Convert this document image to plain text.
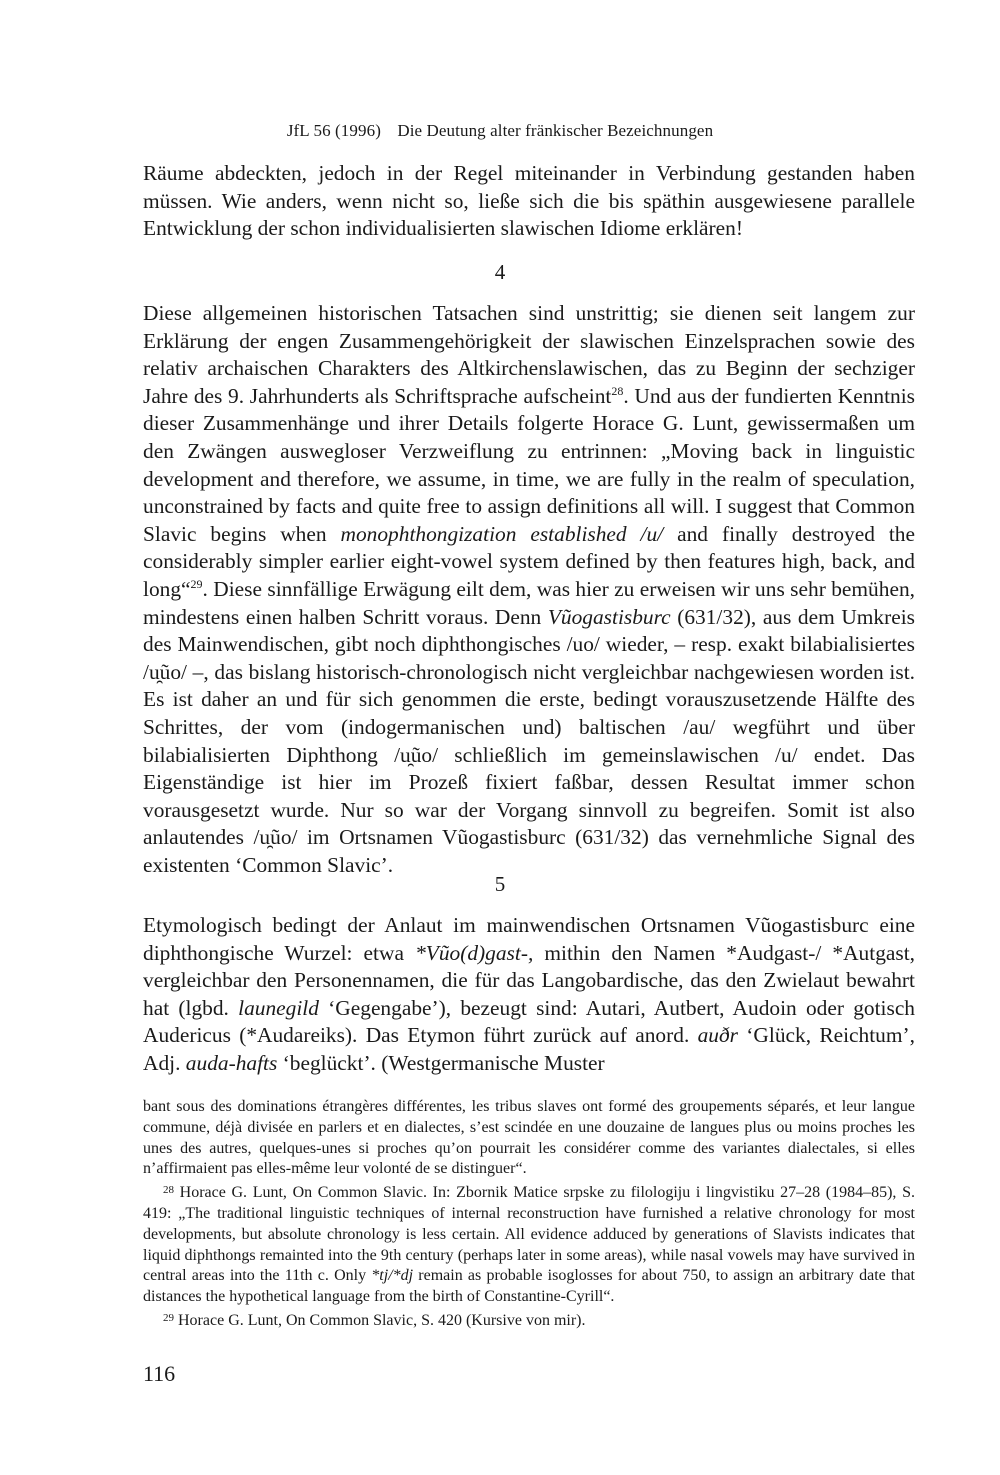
JfL 56 (1996) Die Deutung alter fränkischer Bezeichnungen

Räume abdeckten, jedoch in der Regel miteinander in Verbindung gestanden haben müssen. Wie anders, wenn nicht so, ließe sich die bis späthin ausgewiesene parallele Entwicklung der schon individualisierten slawischen Idiome erklären!

4

Diese allgemeinen historischen Tatsachen sind unstrittig; sie dienen seit langem zur Erklärung der engen Zusammengehörigkeit der slawischen Einzelsprachen sowie des relativ archaischen Charakters des Altkirchenslawischen, das zu Beginn der sechziger Jahre des 9. Jahrhunderts als Schriftsprache aufscheint$^{28}$. Und aus der fundierten Kenntnis dieser Zusammenhänge und ihrer Details folgerte Horace G. Lunt, gewissermaßen um den Zwängen auswegloser Verzweiflung zu entrinnen: „Moving back in linguistic development and therefore, we assume, in time, we are fully in the realm of speculation, unconstrained by facts and quite free to assign definitions all will. I suggest that Common Slavic begins when monophthongization established /u/ and finally destroyed the considerably simpler earlier eight-vowel system defined by then features high, back, and long“$^{29}$. Diese sinnfällige Erwägung eilt dem, was hier zu erweisen wir uns sehr bemühen, mindestens einen halben Schritt voraus. Denn Vũogastisburc (631/32), aus dem Umkreis des Mainwendischen, gibt noch diphthongisches /uo/ wieder, – resp. exakt bilabialisiertes /u̯ũo/ –, das bislang historisch-chronologisch nicht vergleichbar nachgewiesen worden ist. Es ist daher an und für sich genommen die erste, bedingt vorauszusetzende Hälfte des Schrittes, der vom (indogermanischen und) baltischen /au/ wegführt und über bilabialisierten Diphthong /u̯ũo/ schließlich im gemeinslawischen /u/ endet. Das Eigenständige ist hier im Prozeß fixiert faßbar, dessen Resultat immer schon vorausgesetzt wurde. Nur so war der Vorgang sinnvoll zu begreifen. Somit ist also anlautendes /u̯ũo/ im Ortsnamen Vũogastisburc (631/32) das vernehmliche Signal des existenten ‘Common Slavic’.

5

Etymologisch bedingt der Anlaut im mainwendischen Ortsnamen Vũogastisburc eine diphthongische Wurzel: etwa *Vũo(d)gast-, mithin den Namen *Audgast-/ *Autgast, vergleichbar den Personennamen, die für das Langobardische, das den Zwielaut bewahrt hat (lgbd. launegild ‘Gegengabe’), bezeugt sind: Autari, Autbert, Audoin oder gotisch Audericus (*Audareiks). Das Etymon führt zurück auf anord. auðr ‘Glück, Reichtum’, Adj. auda-hafts ‘beglückt’. (Westgermanische Muster

bant sous des dominations étrangères différentes, les tribus slaves ont formé des groupements séparés, et leur langue commune, déjà divisée en parlers et en dialectes, s’est scindée en une douzaine de langues plus ou moins proches les unes des autres, quelques-unes si proches qu’on pourrait les considérer comme des variantes dialectales, si elles n’affirmaient pas elles-même leur volonté de se distinguer“.

$^{28}$ Horace G. Lunt, On Common Slavic. In: Zbornik Matice srpske zu filologiju i lingvistiku 27–28 (1984–85), S. 419: „The traditional linguistic techniques of internal reconstruction have furnished a relative chronology for most developments, but absolute chronology is less certain. All evidence adduced by generations of Slavists indicates that liquid diphthongs remainted into the 9th century (perhaps later in some areas), while nasal vowels may have survived in central areas into the 11th c. Only *tj/*dj remain as probable isoglosses for about 750, to assign an arbitrary date that distances the hypothetical language from the birth of Constantine-Cyrill“.

$^{29}$ Horace G. Lunt, On Common Slavic, S. 420 (Kursive von mir).

116
